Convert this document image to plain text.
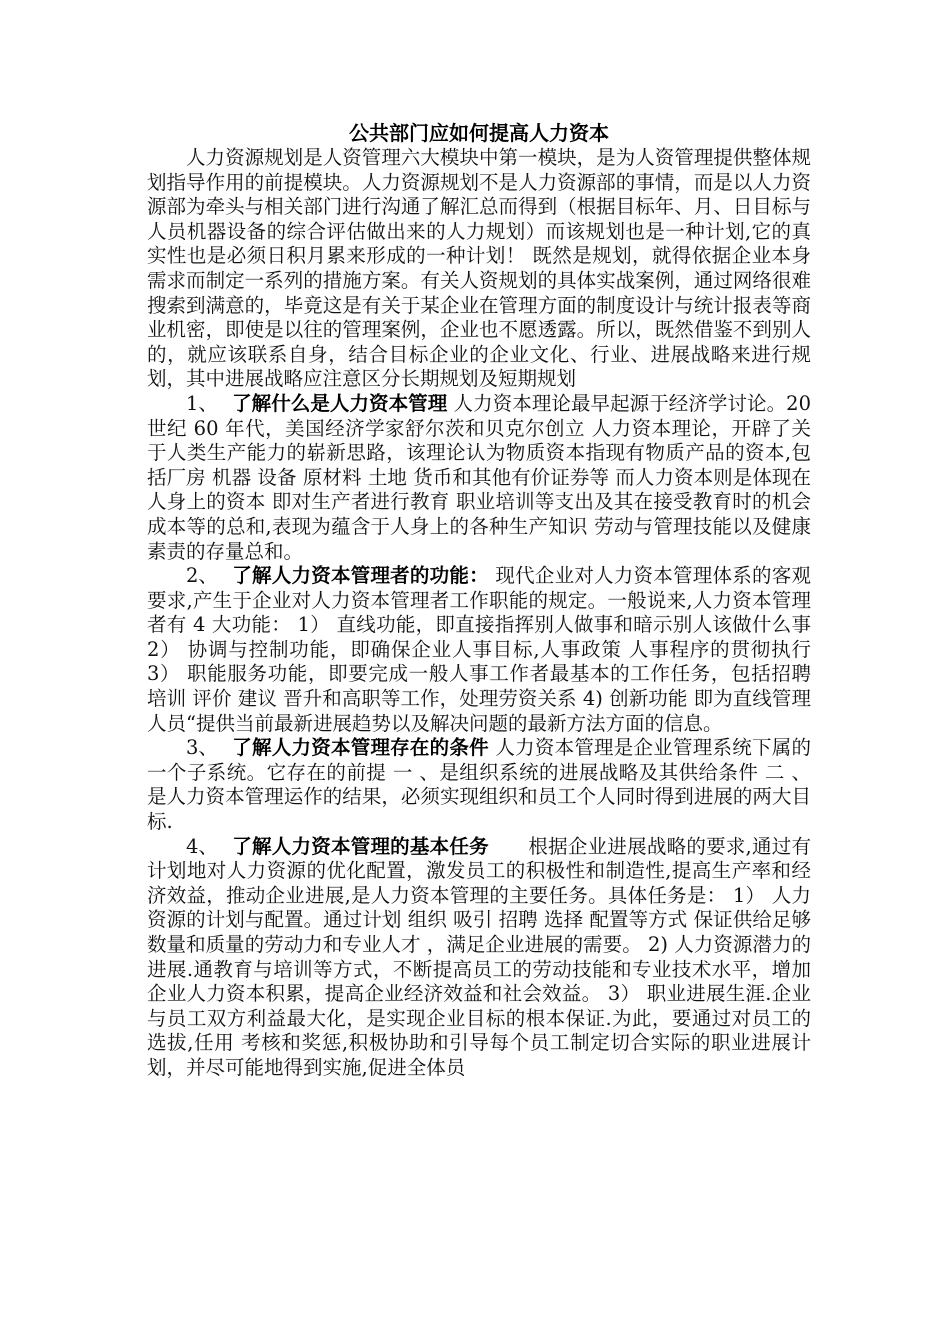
公共部门应如何提高人力资本

人力资源规划是人资管理六大模块中第一模块，是为人资管理提供整体规划指导作用的前提模块。人力资源规划不是人力资源部的事情，而是以人力资源部为牵头与相关部门进行沟通了解汇总而得到（根据目标年、月、日目标与人员机器设备的综合评估做出来的人力规划）而该规划也是一种计划,它的真实性也是必须日积月累来形成的一种计划！ 既然是规划，就得依据企业本身需求而制定一系列的措施方案。有关人资规划的具体实战案例，通过网络很难搜索到满意的，毕竟这是有关于某企业在管理方面的制度设计与统计报表等商业机密，即使是以往的管理案例，企业也不愿透露。所以，既然借鉴不到别人的，就应该联系自身，结合目标企业的企业文化、行业、进展战略来进行规划，其中进展战略应注意区分长期规划及短期规划

1、 了解什么是人力资本管理 人力资本理论最早起源于经济学讨论。20 世纪 60 年代，美国经济学家舒尔茨和贝克尔创立 人力资本理论，开辟了关于人类生产能力的崭新思路，该理论认为物质资本指现有物质产品的资本,包括厂房 机器 设备 原材料 土地 货币和其他有价证券等 而人力资本则是体现在人身上的资本 即对生产者进行教育 职业培训等支出及其在接受教育时的机会成本等的总和,表现为蕴含于人身上的各种生产知识 劳动与管理技能以及健康素责的存量总和。

2、 了解人力资本管理者的功能： 现代企业对人力资本管理体系的客观要求,产生于企业对人力资本管理者工作职能的规定。一般说来,人力资本管理者有 4 大功能： 1） 直线功能，即直接指挥别人做事和暗示别人该做什么事 2） 协调与控制功能，即确保企业人事目标,人事政策 人事程序的贯彻执行 3） 职能服务功能，即要完成一般人事工作者最基本的工作任务，包括招聘 培训 评价 建议 晋升和高职等工作，处理劳资关系 4) 创新功能 即为直线管理人员“提供当前最新进展趋势以及解决问题的最新方法方面的信息。

3、 了解人力资本管理存在的条件 人力资本管理是企业管理系统下属的一个子系统。它存在的前提 一 、是组织系统的进展战略及其供给条件 二 、是人力资本管理运作的结果，必须实现组织和员工个人同时得到进展的两大目标.

4、 了解人力资本管理的基本任务　　根据企业进展战略的要求,通过有计划地对人力资源的优化配置，激发员工的积极性和制造性,提高生产率和经济效益，推动企业进展,是人力资本管理的主要任务。具体任务是： 1） 人力资源的计划与配置。通过计划 组织 吸引 招聘 选择 配置等方式 保证供给足够数量和质量的劳动力和专业人才 ，满足企业进展的需要。 2) 人力资源潜力的进展.通教育与培训等方式，不断提高员工的劳动技能和专业技术水平，增加企业人力资本积累，提高企业经济效益和社会效益。 3） 职业进展生涯.企业与员工双方利益最大化，是实现企业目标的根本保证.为此，要通过对员工的选拔,任用 考核和奖惩,积极协助和引导每个员工制定切合实际的职业进展计划，并尽可能地得到实施,促进全体员
